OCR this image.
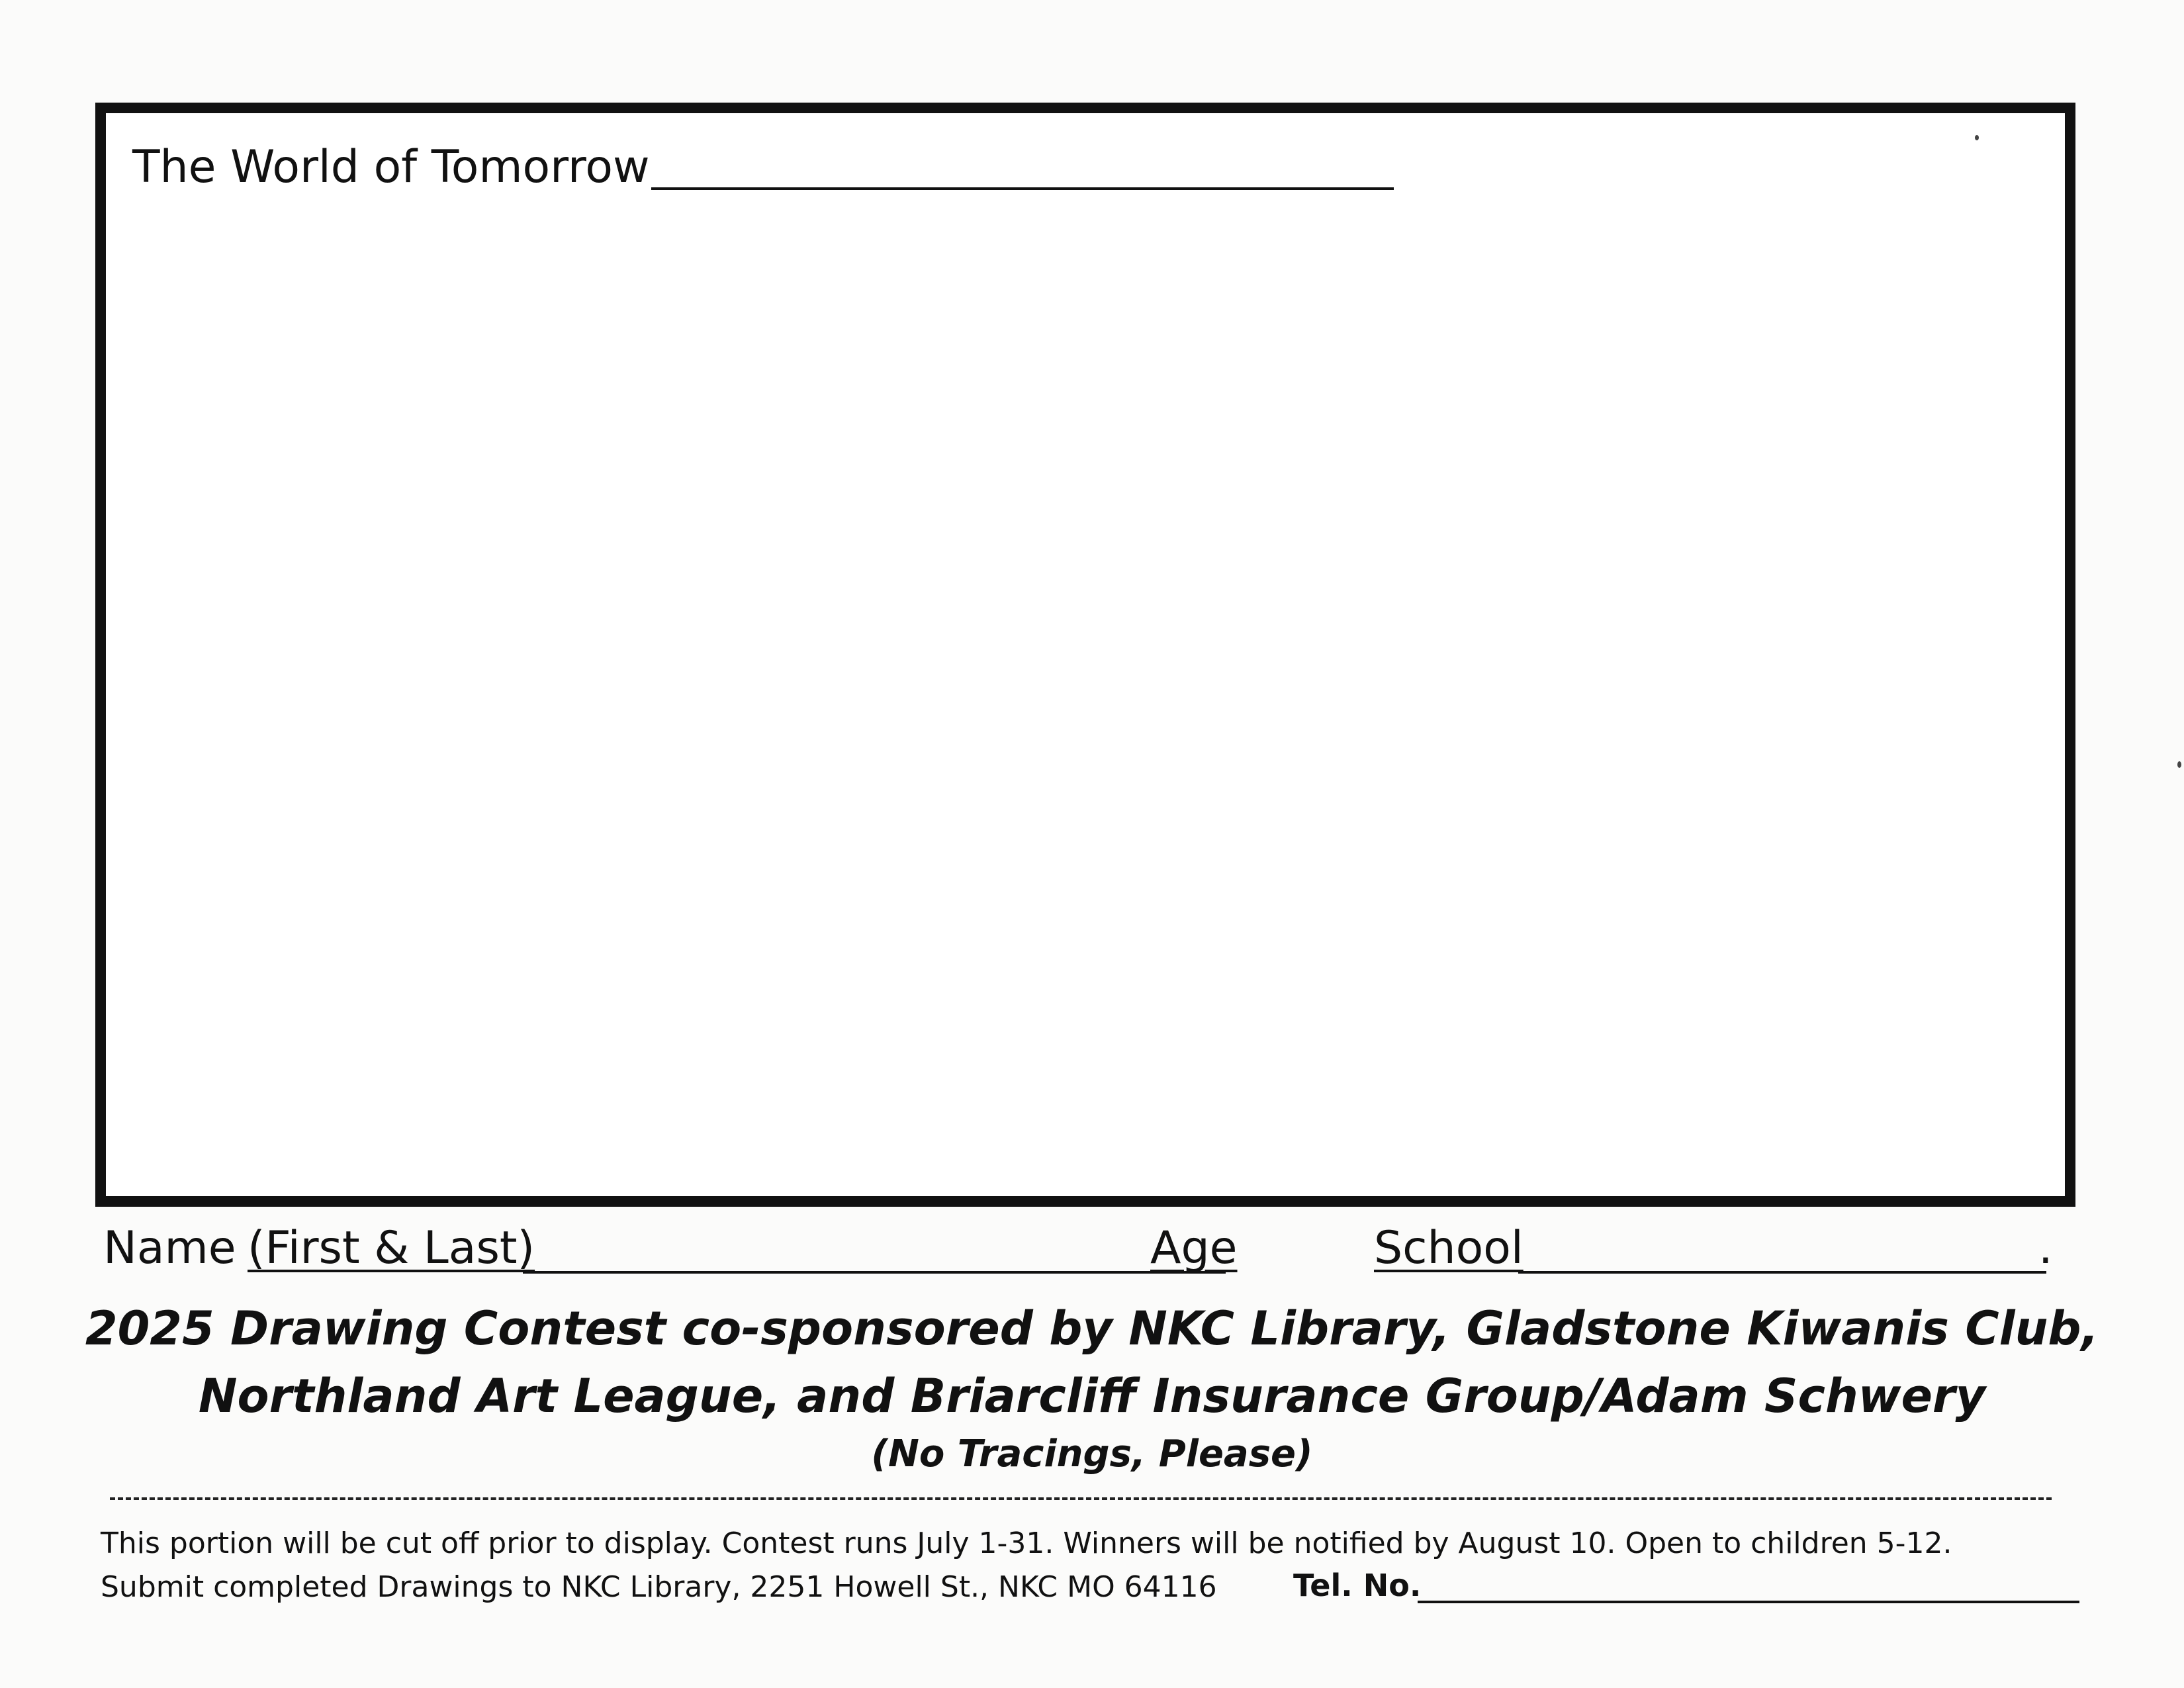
The World of Tomorrow
Name (First & Last)	Age	School	.
2025 Drawing Contest co-sponsored by NKC Library, Gladstone Kiwanis Club,
Northland Art League, and Briarcliff Insurance Group/Adam Schwery
(No Tracings, Please)
This portion will be cut off prior to display. Contest runs July 1-31. Winners will be notified by August 10. Open to children 5-12.
Submit completed Drawings to NKC Library, 2251 Howell St., NKC MO 64116	Tel. No.
